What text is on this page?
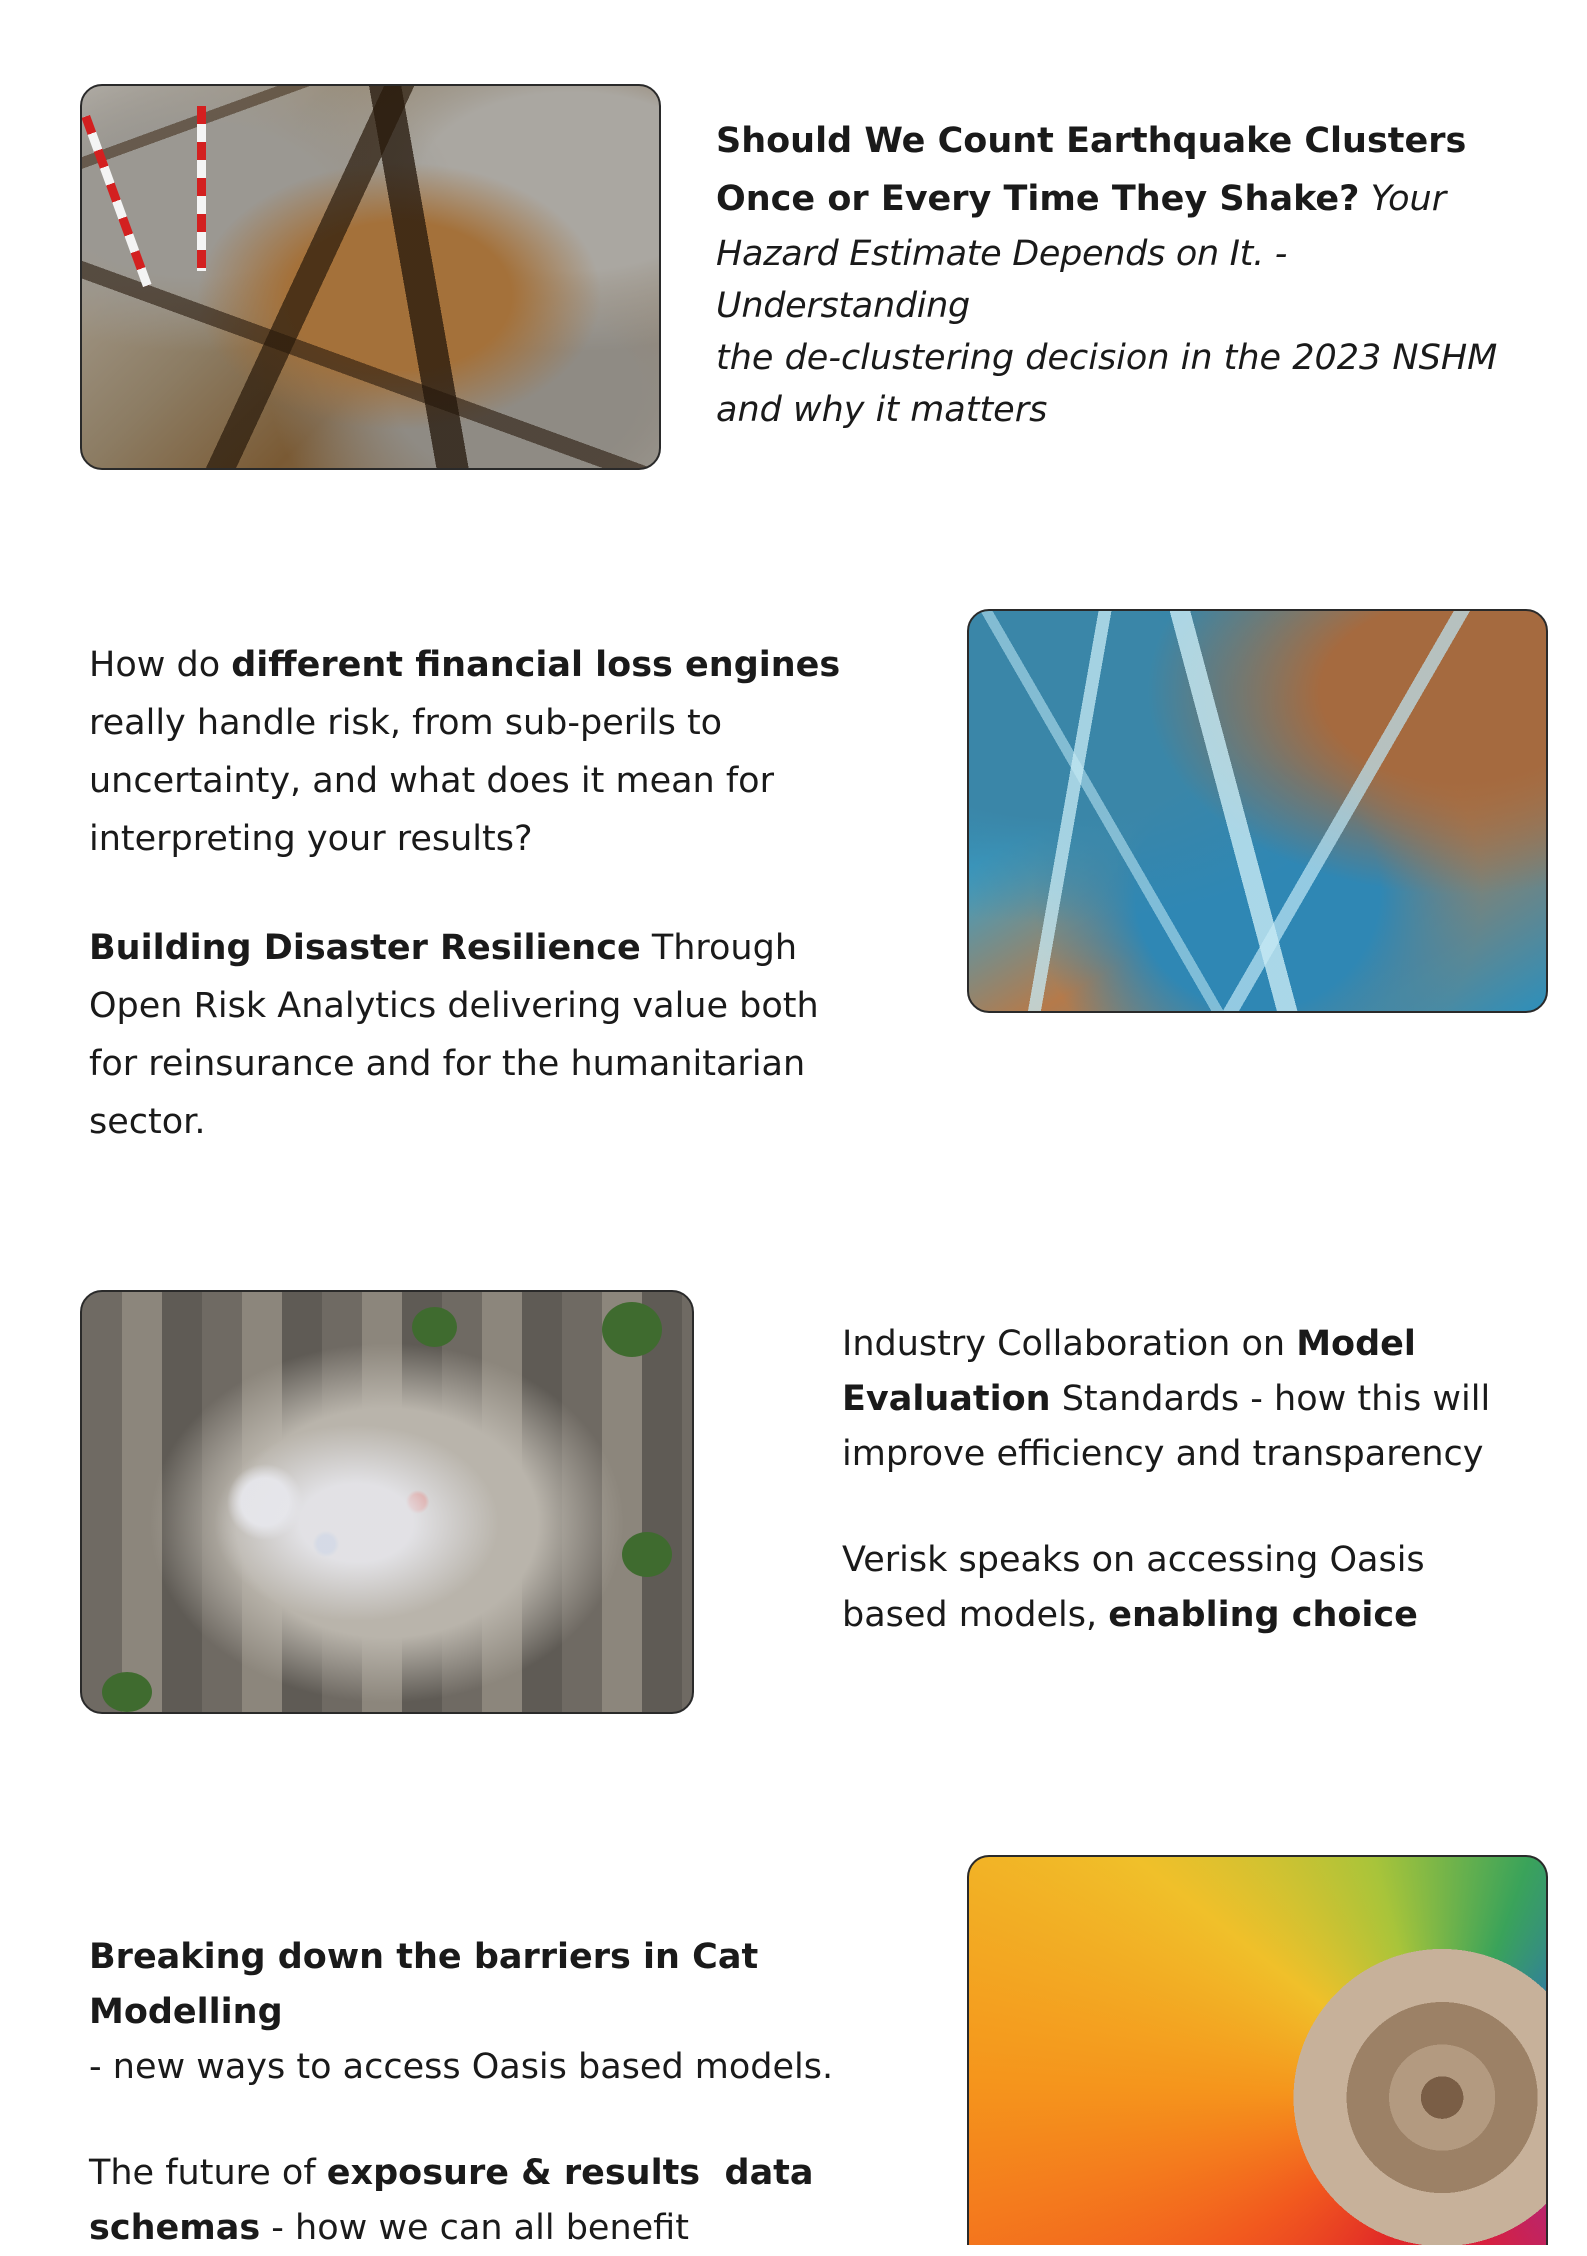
Should We Count Earthquake Clusters

Once or Every Time They Shake? Your

Hazard Estimate Depends on It. - Understanding

the de-clustering decision in the 2023 NSHM

and why it matters

How do different financial loss engines

really handle risk, from sub-perils to

uncertainty, and what does it mean for

interpreting your results?

Building Disaster Resilience Through

Open Risk Analytics delivering value both

for reinsurance and for the humanitarian

sector.

Industry Collaboration on Model

Evaluation Standards - how this will

improve efficiency and transparency

Verisk speaks on accessing Oasis

based models, enabling choice

Breaking down the barriers in Cat Modelling

- new ways to access Oasis based models.

The future of exposure & results  data

schemas - how we can all benefit
